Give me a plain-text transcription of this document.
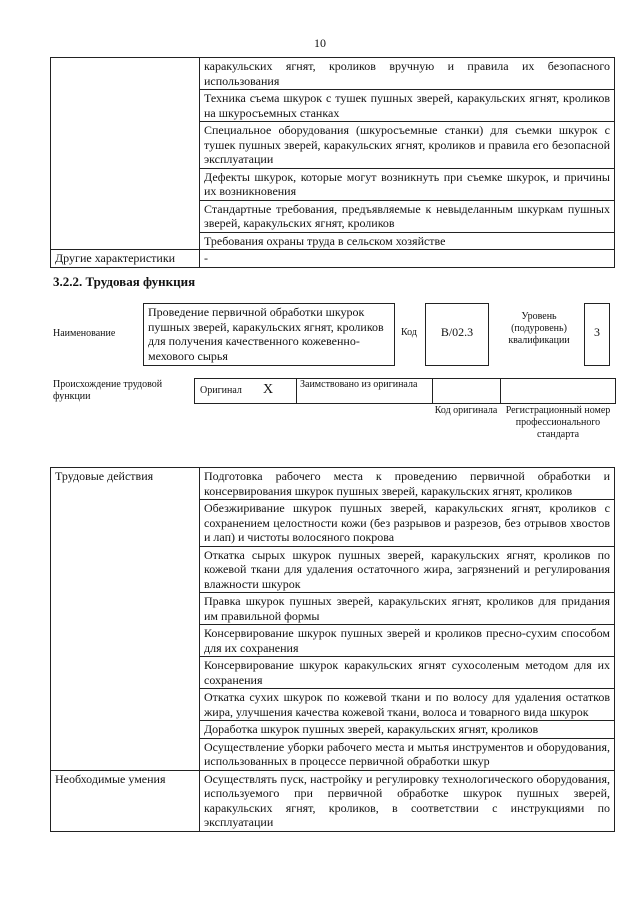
10
	каракульских ягнят, кроликов вручную и правила их безопасного использования
	Техника съема шкурок с тушек пушных зверей, каракульских ягнят, кроликов на шкуросъемных станках
	Специальное оборудования (шкуросъемные станки) для съемки шкурок с тушек пушных зверей, каракульских ягнят, кроликов и правила его безопасной эксплуатации
	Дефекты шкурок, которые могут возникнуть при съемке шкурок, и причины их возникновения
	Стандартные требования, предъявляемые к невыделанным шкуркам пушных зверей, каракульских ягнят, кроликов
	Требования охраны труда в сельском хозяйстве
Другие характеристики	-
3.2.2. Трудовая функция
Наименование
Проведение первичной обработки шкурок пушных зверей, каракульских ягнят, кроликов для получения качественного кожевенно-мехового сырья
Код	B/02.3
Уровень (подуровень) квалификации
3
Происхождение трудовой функции
Оригинал X	Заимствовано из оригинала
Код оригинала Регистрационный номер профессионального стандарта
Трудовые действия	Подготовка рабочего места к проведению первичной обработки и консервирования шкурок пушных зверей, каракульских ягнят, кроликов
	Обезжиривание шкурок пушных зверей, каракульских ягнят, кроликов с сохранением целостности кожи (без разрывов и разрезов, без отрывов хвостов и лап) и чистоты волосяного покрова
	Откатка сырых шкурок пушных зверей, каракульских ягнят, кроликов по кожевой ткани для удаления остаточного жира, загрязнений и регулирования влажности шкурок
	Правка шкурок пушных зверей, каракульских ягнят, кроликов для придания им правильной формы
	Консервирование шкурок пушных зверей и кроликов пресно-сухим способом для их сохранения
	Консервирование шкурок каракульских ягнят сухосоленым методом для их сохранения
	Откатка сухих шкурок по кожевой ткани и по волосу для удаления остатков жира, улучшения качества кожевой ткани, волоса и товарного вида шкурок
	Доработка шкурок пушных зверей, каракульских ягнят, кроликов
	Осуществление уборки рабочего места и мытья инструментов и оборудования, использованных в процессе первичной обработки шкур
Необходимые умения	Осуществлять пуск, настройку и регулировку технологического оборудования, используемого при первичной обработке шкурок пушных зверей, каракульских ягнят, кроликов, в соответствии с инструкциями по эксплуатации
